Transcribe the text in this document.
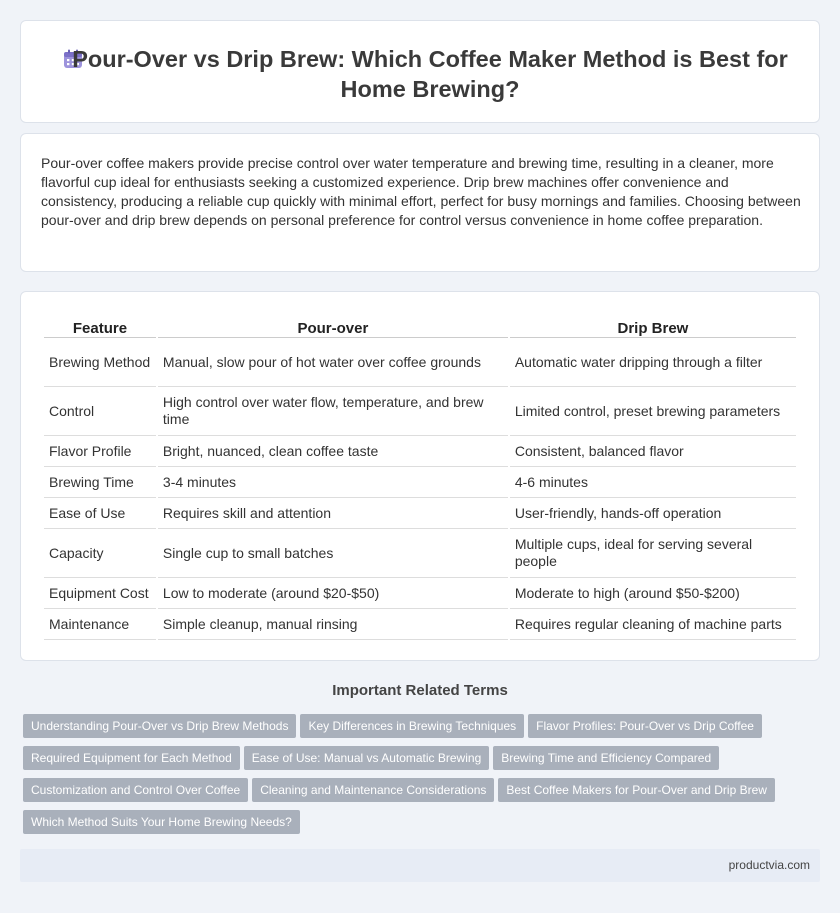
Pour-Over vs Drip Brew: Which Coffee Maker Method is Best for Home Brewing?

Pour-over coffee makers provide precise control over water temperature and brewing time, resulting in a cleaner, more flavorful cup ideal for enthusiasts seeking a customized experience. Drip brew machines offer convenience and consistency, producing a reliable cup quickly with minimal effort, perfect for busy mornings and families. Choosing between pour-over and drip brew depends on personal preference for control versus convenience in home coffee preparation.

Feature	Pour-over	Drip Brew
Brewing Method	Manual, slow pour of hot water over coffee grounds	Automatic water dripping through a filter
Control	High control over water flow, temperature, and brew time	Limited control, preset brewing parameters
Flavor Profile	Bright, nuanced, clean coffee taste	Consistent, balanced flavor
Brewing Time	3-4 minutes	4-6 minutes
Ease of Use	Requires skill and attention	User-friendly, hands-off operation
Capacity	Single cup to small batches	Multiple cups, ideal for serving several people
Equipment Cost	Low to moderate (around $20-$50)	Moderate to high (around $50-$200)
Maintenance	Simple cleanup, manual rinsing	Requires regular cleaning of machine parts
Important Related Terms
Understanding Pour-Over vs Drip Brew Methods Key Differences in Brewing Techniques Flavor Profiles: Pour-Over vs Drip Coffee
Required Equipment for Each Method Ease of Use: Manual vs Automatic Brewing Brewing Time and Efficiency Compared
Customization and Control Over Coffee Cleaning and Maintenance Considerations Best Coffee Makers for Pour-Over and Drip Brew
Which Method Suits Your Home Brewing Needs?
productvia.com
